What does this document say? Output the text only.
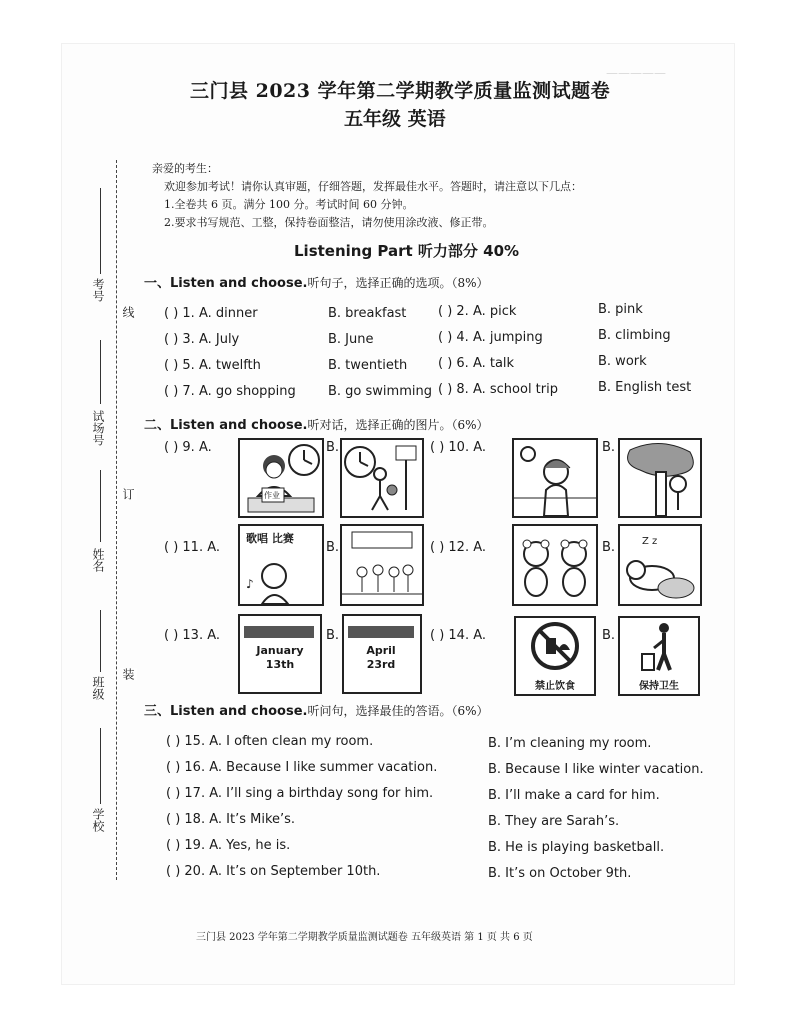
—————
三门县 2023 学年第二学期教学质量监测试题卷
五年级 英语
亲爱的考生：
欢迎参加考试！请你认真审题，仔细答题，发挥最佳水平。答题时，请注意以下几点：
1.全卷共 6 页。满分 100 分。考试时间 60 分钟。
2.要求书写规范、工整，保持卷面整洁，请勿使用涂改液、修正带。
Listening Part 听力部分 40%
考号
试场号
姓名
班级
学校
线
订
装
一、Listen and choose.听句子，选择正确的选项。（8%）
( ) 1. A. dinner	B. breakfast ( ) 2. A. pick	B. pink
( ) 3. A. July	B. June	( ) 4. A. jumping	B. climbing
( ) 5. A. twelfth	B. twentieth ( ) 6. A. talk	B. work
( ) 7. A. go shopping B. go swimming ( ) 8. A. school trip	B. English test
二、Listen and choose.听对话，选择正确的图片。（6%）
( ) 9. A.
作业
B.	( ) 10. A.	B.
( ) 11. A.
♪
歌唱 比赛
B.	( ) 12. A.	B.	Z z
( ) 13. A.
January
13th
B.
April
23rd
( ) 14. A.
禁止饮食
B.
保持卫生
三、Listen and choose.听问句，选择最佳的答语。（6%）
( ) 15. A. I often clean my room.	B. I’m cleaning my room.
( ) 16. A. Because I like summer vacation.	B. Because I like winter vacation.
( ) 17. A. I’ll sing a birthday song for him.	B. I’ll make a card for him.
( ) 18. A. It’s Mike’s.	B. They are Sarah’s.
( ) 19. A. Yes, he is.	B. He is playing basketball.
( ) 20. A. It’s on September 10th.	B. It’s on October 9th.
三门县 2023 学年第二学期教学质量监测试题卷 五年级英语 第 1 页 共 6 页
